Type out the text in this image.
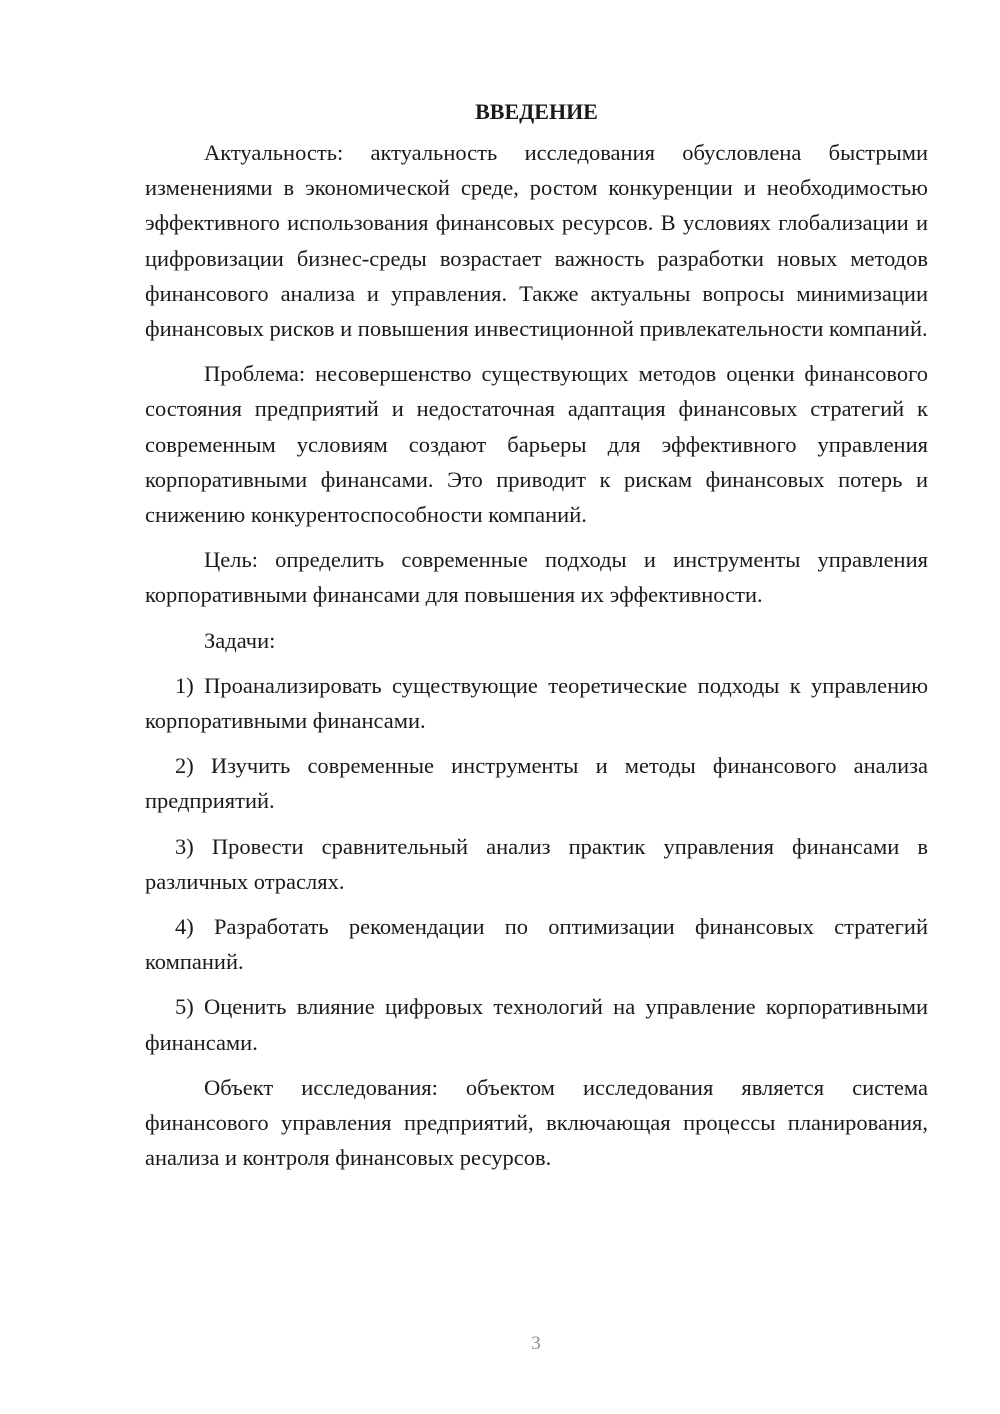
ВВЕДЕНИЕ

Актуальность: актуальность исследования обусловлена быстрыми изменениями в экономической среде, ростом конкуренции и необходимостью эффективного использования финансовых ресурсов. В условиях глобализации и цифровизации бизнес-среды возрастает важность разработки новых методов финансового анализа и управления. Также актуальны вопросы минимизации финансовых рисков и повышения инвестиционной привлекательности компаний.

Проблема: несовершенство существующих методов оценки финансового состояния предприятий и недостаточная адаптация финансовых стратегий к современным условиям создают барьеры для эффективного управления корпоративными финансами. Это приводит к рискам финансовых потерь и снижению конкурентоспособности компаний.

Цель: определить современные подходы и инструменты управления корпоративными финансами для повышения их эффективности.

Задачи:

1) Проанализировать существующие теоретические подходы к управлению корпоративными финансами.

2) Изучить современные инструменты и методы финансового анализа предприятий.

3) Провести сравнительный анализ практик управления финансами в различных отраслях.

4) Разработать рекомендации по оптимизации финансовых стратегий компаний.

5) Оценить влияние цифровых технологий на управление корпоративными финансами.

Объект исследования: объектом исследования является система финансового управления предприятий, включающая процессы планирования, анализа и контроля финансовых ресурсов.

3
